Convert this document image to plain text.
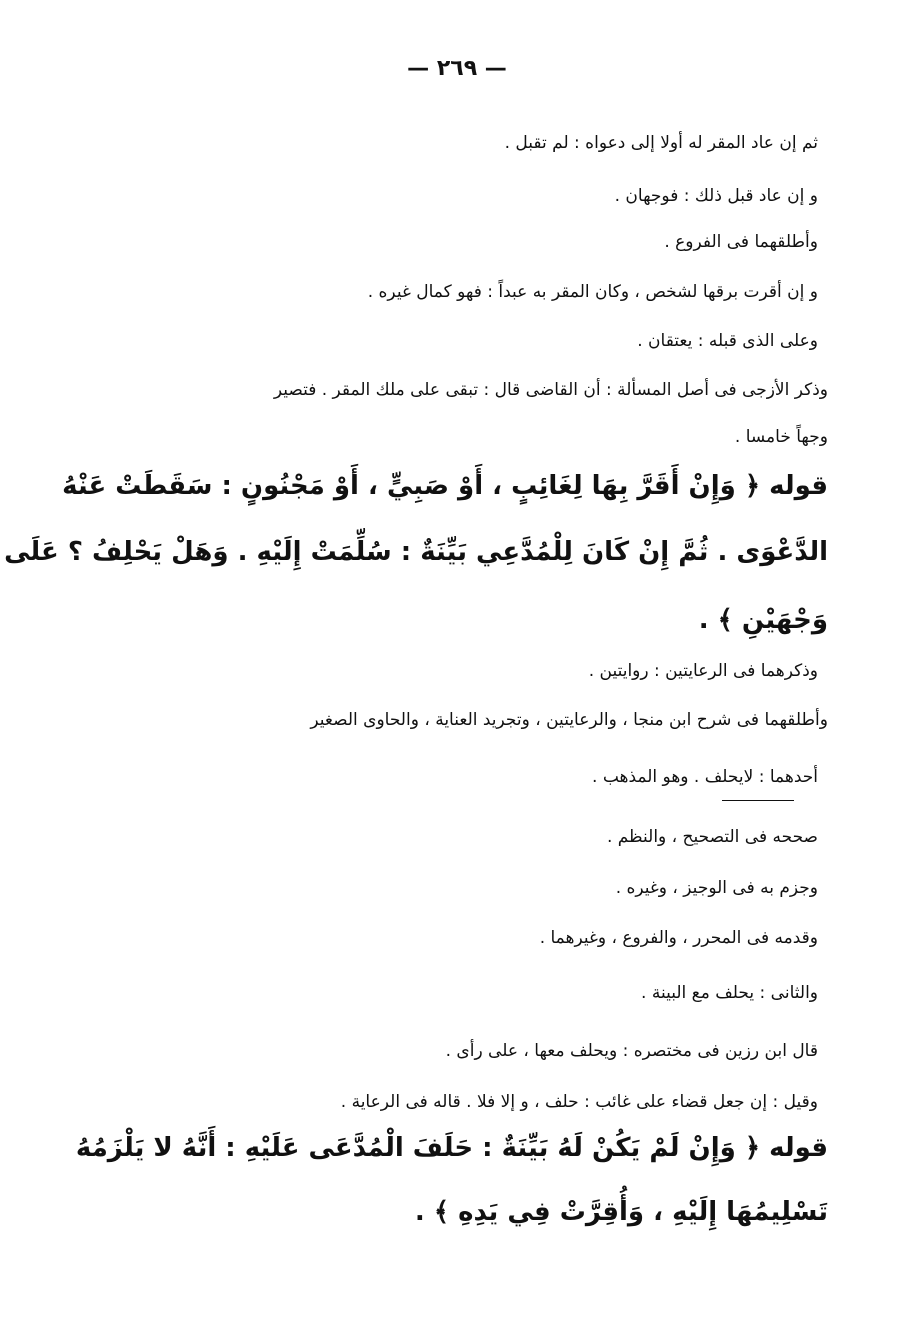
— ٢٦٩ —
ثم إن عاد المقر له أولا إلى دعواه : لم تقبل .
و إن عاد قبل ذلك : فوجهان .
وأطلقهما فى الفروع .
و إن أقرت برقها لشخص ، وكان المقر به عبداً : فهو كمال غيره .
وعلى الذى قبله : يعتقان .
وذكر الأزجى فى أصل المسألة : أن القاضى قال : تبقى على ملك المقر . فتصير
وجهاً خامسا .
قوله ﴿ وَإِنْ أَقَرَّ بِهَا لِغَائِبٍ ، أَوْ صَبِيٍّ ، أَوْ مَجْنُونٍ : سَقَطَتْ عَنْهُ
الدَّعْوَى . ثُمَّ إِنْ كَانَ لِلْمُدَّعِي بَيِّنَةٌ : سُلِّمَتْ إِلَيْهِ . وَهَلْ يَحْلِفُ ؟ عَلَى
وَجْهَيْنِ ﴾ .
وذكرهما فى الرعايتين : روايتين .
وأطلقهما فى شرح ابن منجا ، والرعايتين ، وتجريد العناية ، والحاوى الصغير
أحدهما : لايحلف . وهو المذهب .
صححه فى التصحيح ، والنظم .
وجزم به فى الوجيز ، وغيره .
وقدمه فى المحرر ، والفروع ، وغيرهما .
والثانى : يحلف مع البينة .
قال ابن رزين فى مختصره : ويحلف معها ، على رأى .
وقيل : إن جعل قضاء على غائب : حلف ، و إلا فلا . قاله فى الرعاية .
قوله ﴿ وَإِنْ لَمْ يَكُنْ لَهُ بَيِّنَةٌ : حَلَفَ الْمُدَّعَى عَلَيْهِ : أَنَّهُ لا يَلْزَمُهُ
تَسْلِيمُهَا إِلَيْهِ ، وَأُقِرَّتْ فِي يَدِهِ ﴾ .
